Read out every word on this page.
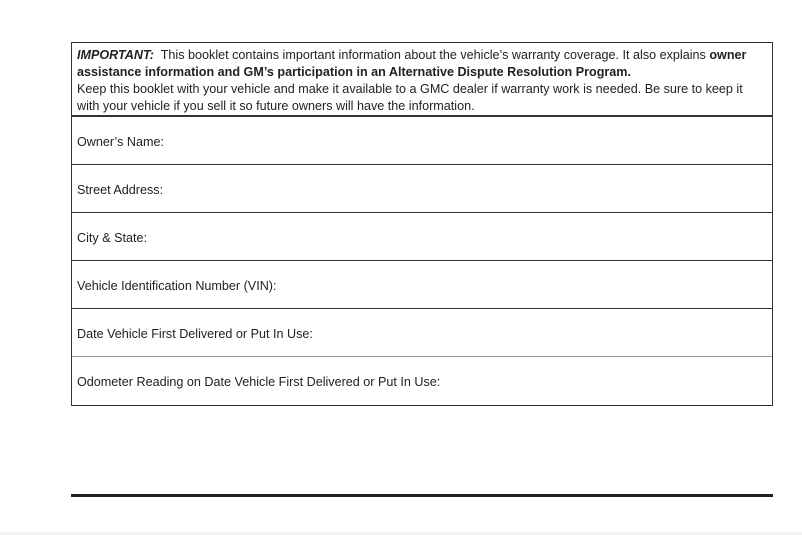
IMPORTANT: This booklet contains important information about the vehicle’s warranty coverage. It also explains owner assistance information and GM’s participation in an Alternative Dispute Resolution Program.

Keep this booklet with your vehicle and make it available to a GMC dealer if warranty work is needed. Be sure to keep it with your vehicle if you sell it so future owners will have the information.

Owner’s Name:
Street Address:
City & State:
Vehicle Identification Number (VIN):
Date Vehicle First Delivered or Put In Use:
Odometer Reading on Date Vehicle First Delivered or Put In Use:
